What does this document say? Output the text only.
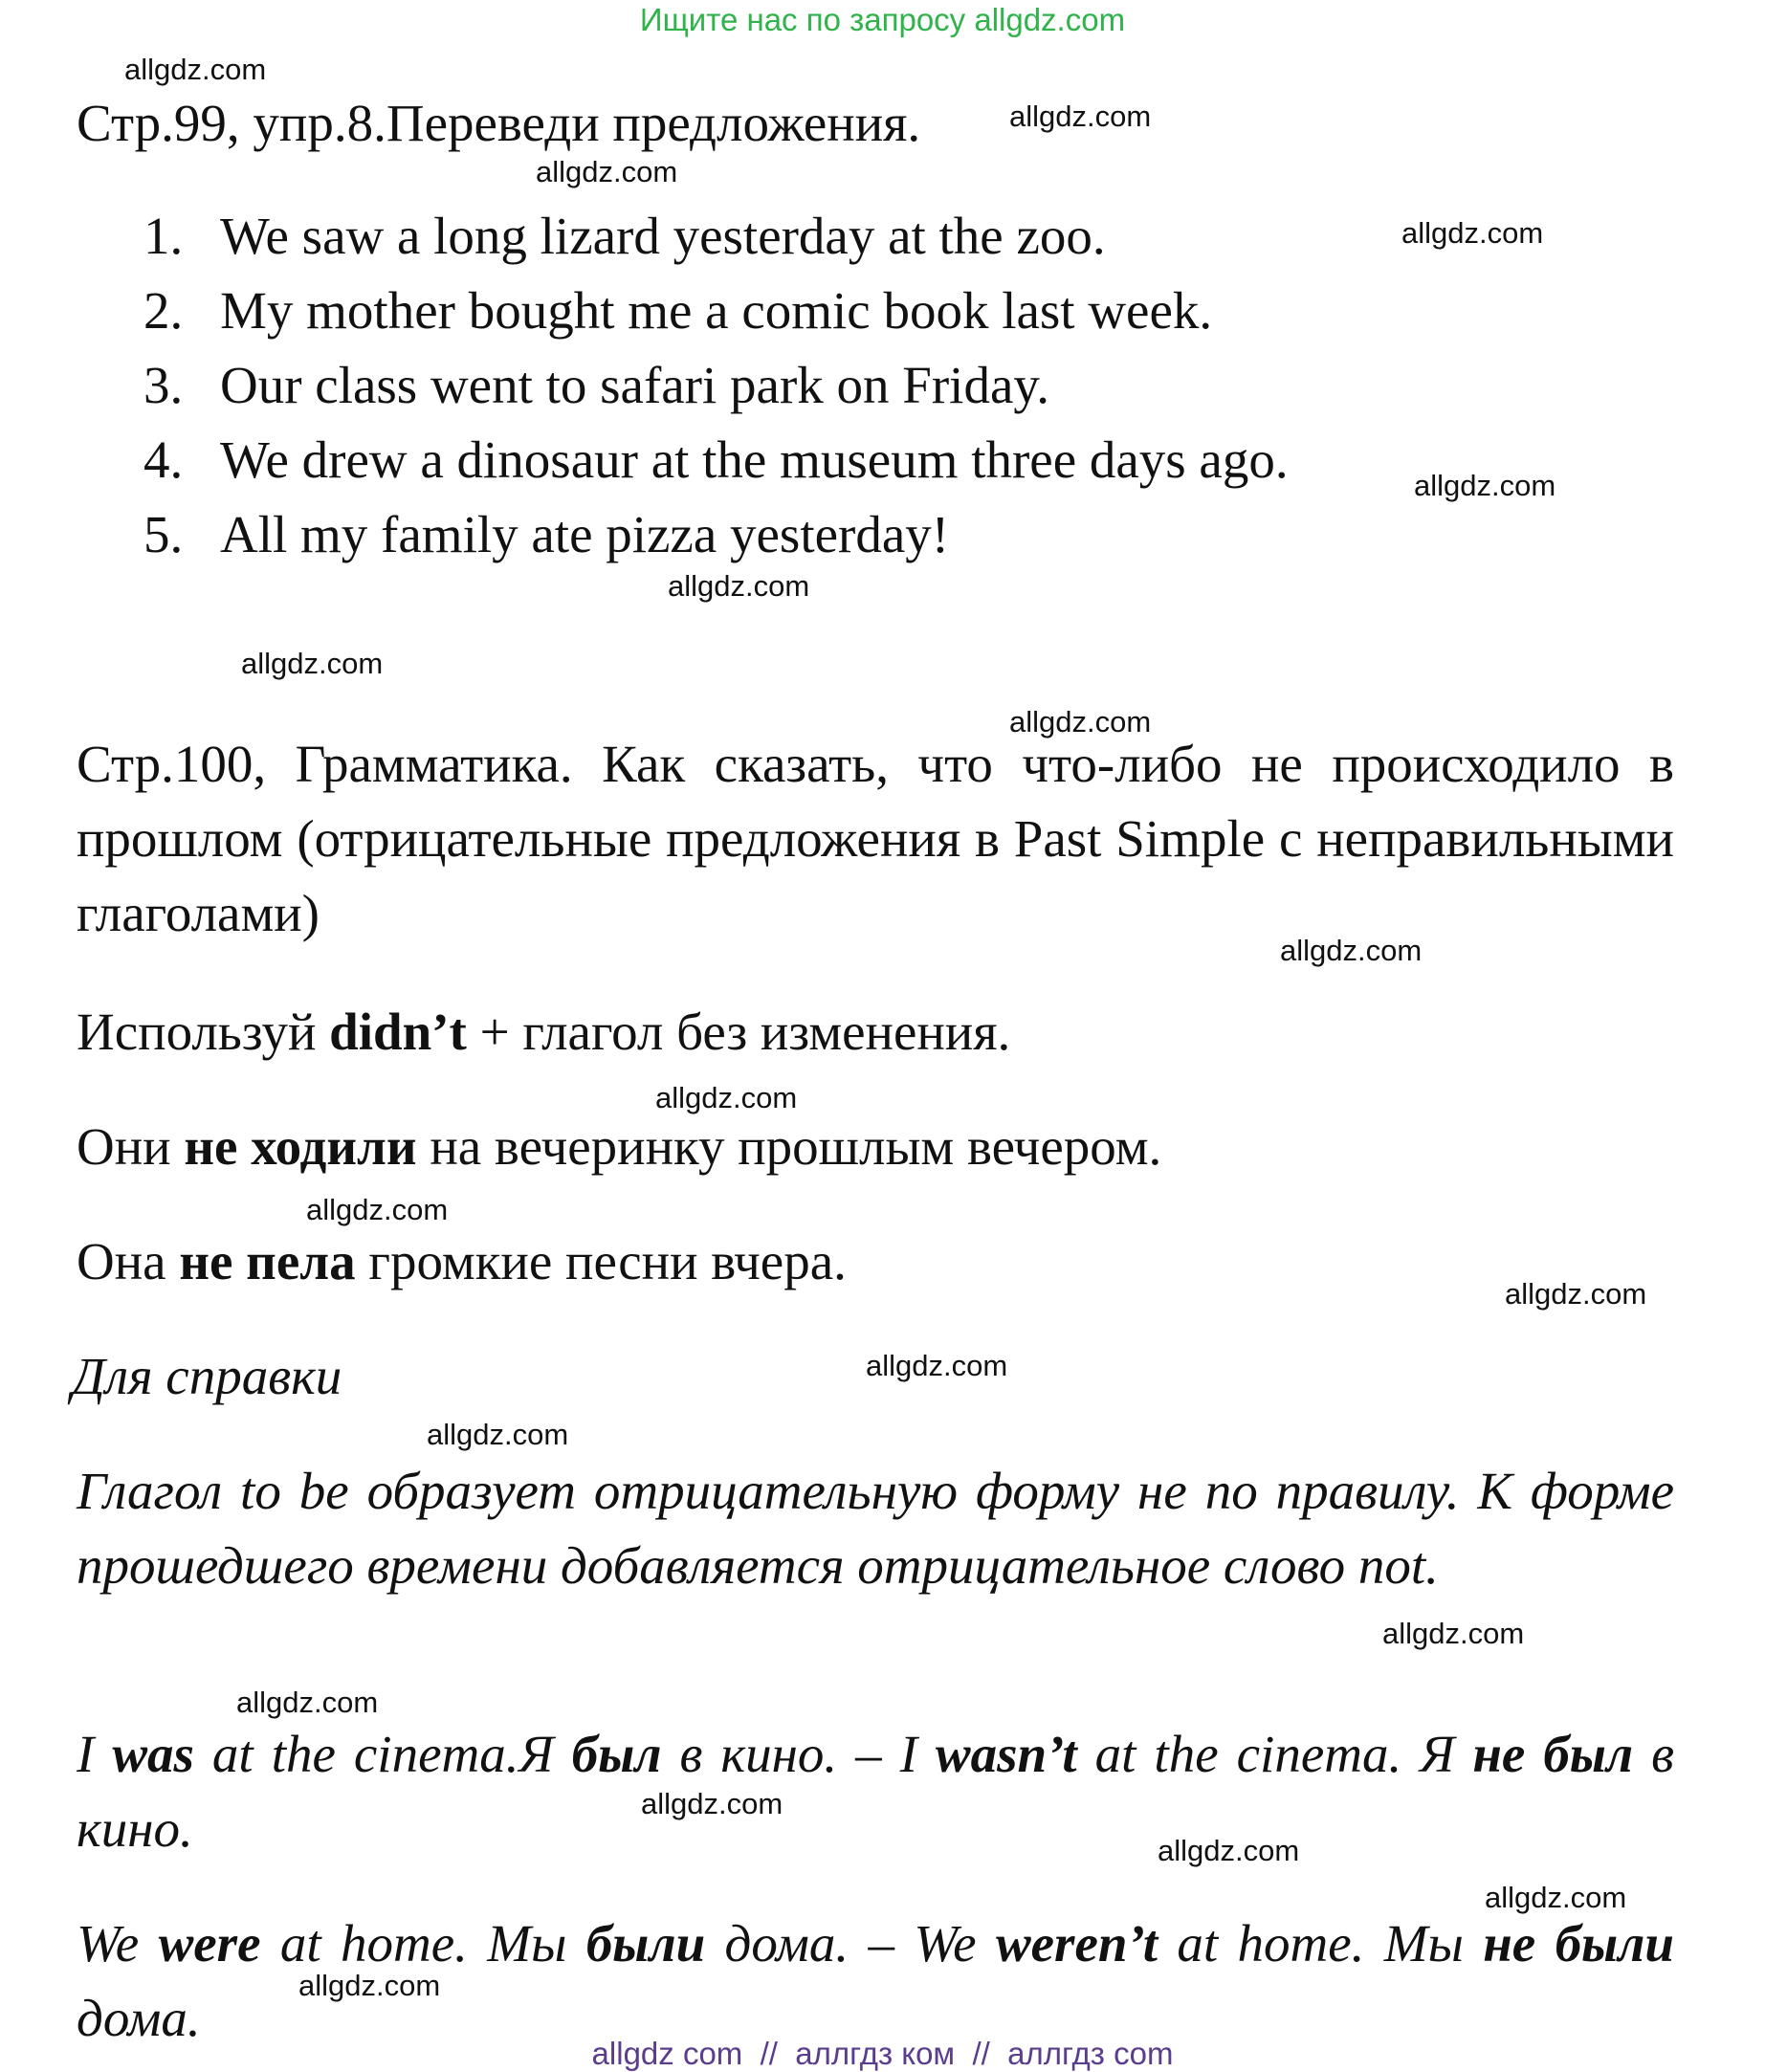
Ищите нас по запросу allgdz.com
Стр.99, упр.8.Переведи предложения.
1. We saw a long lizard yesterday at the zoo.
2. My mother bought me a comic book last week.
3. Our class went to safari park on Friday.
4. We drew a dinosaur at the museum three days ago.
5. All my family ate pizza yesterday!
Стр.100, Грамматика. Как сказать, что что-либо не происходило в прошлом (отрицательные предложения в Past Simple с неправильными глаголами)
Используй didn’t + глагол без изменения.
Они не ходили на вечеринку прошлым вечером.
Она не пела громкие песни вчера.
Для справки
Глагол to be образует отрицательную форму не по правилу. К форме прошедшего времени добавляется отрицательное слово not.
I was at the cinema.Я был в кино. – I wasn’t at the cinema. Я не был в кино.
We were at home. Мы были дома. – We weren’t at home. Мы не были дома.
allgdz.com
allgdz.com
allgdz.com
allgdz.com
allgdz.com
allgdz.com
allgdz.com
allgdz.com
allgdz.com
allgdz.com
allgdz.com
allgdz.com
allgdz.com
allgdz.com
allgdz.com
allgdz.com
allgdz.com
allgdz.com
allgdz.com
allgdz.com
allgdz com  //  аллгдз ком  //  аллгдз com
